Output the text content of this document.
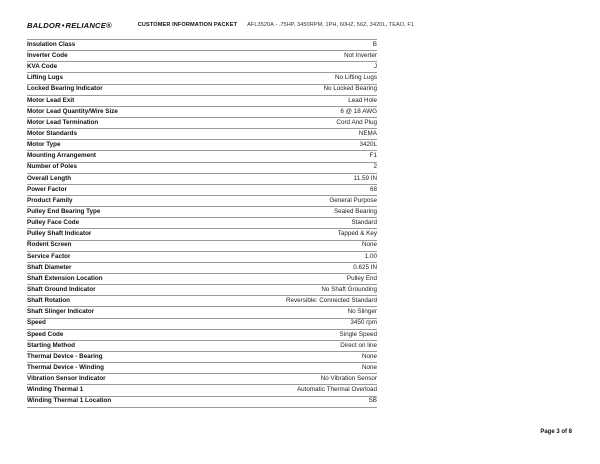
BALDOR•RELIANCE®	CUSTOMER INFORMATION PACKET AFL3520A - .75HP, 3450RPM, 1PH, 60HZ, 56Z, 3420L, TEAO, F1
Insulation Class	B
Inverter Code	Not Inverter
KVA Code	J
Lifting Lugs	No Lifting Lugs
Locked Bearing Indicator	No Locked Bearing
Motor Lead Exit	Lead Hole
Motor Lead Quantity/Wire Size	6 @ 18 AWG
Motor Lead Termination	Cord And Plug
Motor Standards	NEMA
Motor Type	3420L
Mounting Arrangement	F1
Number of Poles	2
Overall Length	11.59 IN
Power Factor	68
Product Family	General Purpose
Pulley End Bearing Type	Sealed Bearing
Pulley Face Code	Standard
Pulley Shaft Indicator	Tapped & Key
Rodent Screen	None
Service Factor	1.00
Shaft Diameter	0.625 IN
Shaft Extension Location	Pulley End
Shaft Ground Indicator	No Shaft Grounding
Shaft Rotation	Reversible: Connected Standard
Shaft Slinger Indicator	No Slinger
Speed	3450 rpm
Speed Code	Single Speed
Starting Method	Direct on line
Thermal Device - Bearing	None
Thermal Device - Winding	None
Vibration Sensor Indicator	No Vibration Sensor
Winding Thermal 1	Automatic Thermal Overload
Winding Thermal 1 Location	SB
Page 3 of 8
